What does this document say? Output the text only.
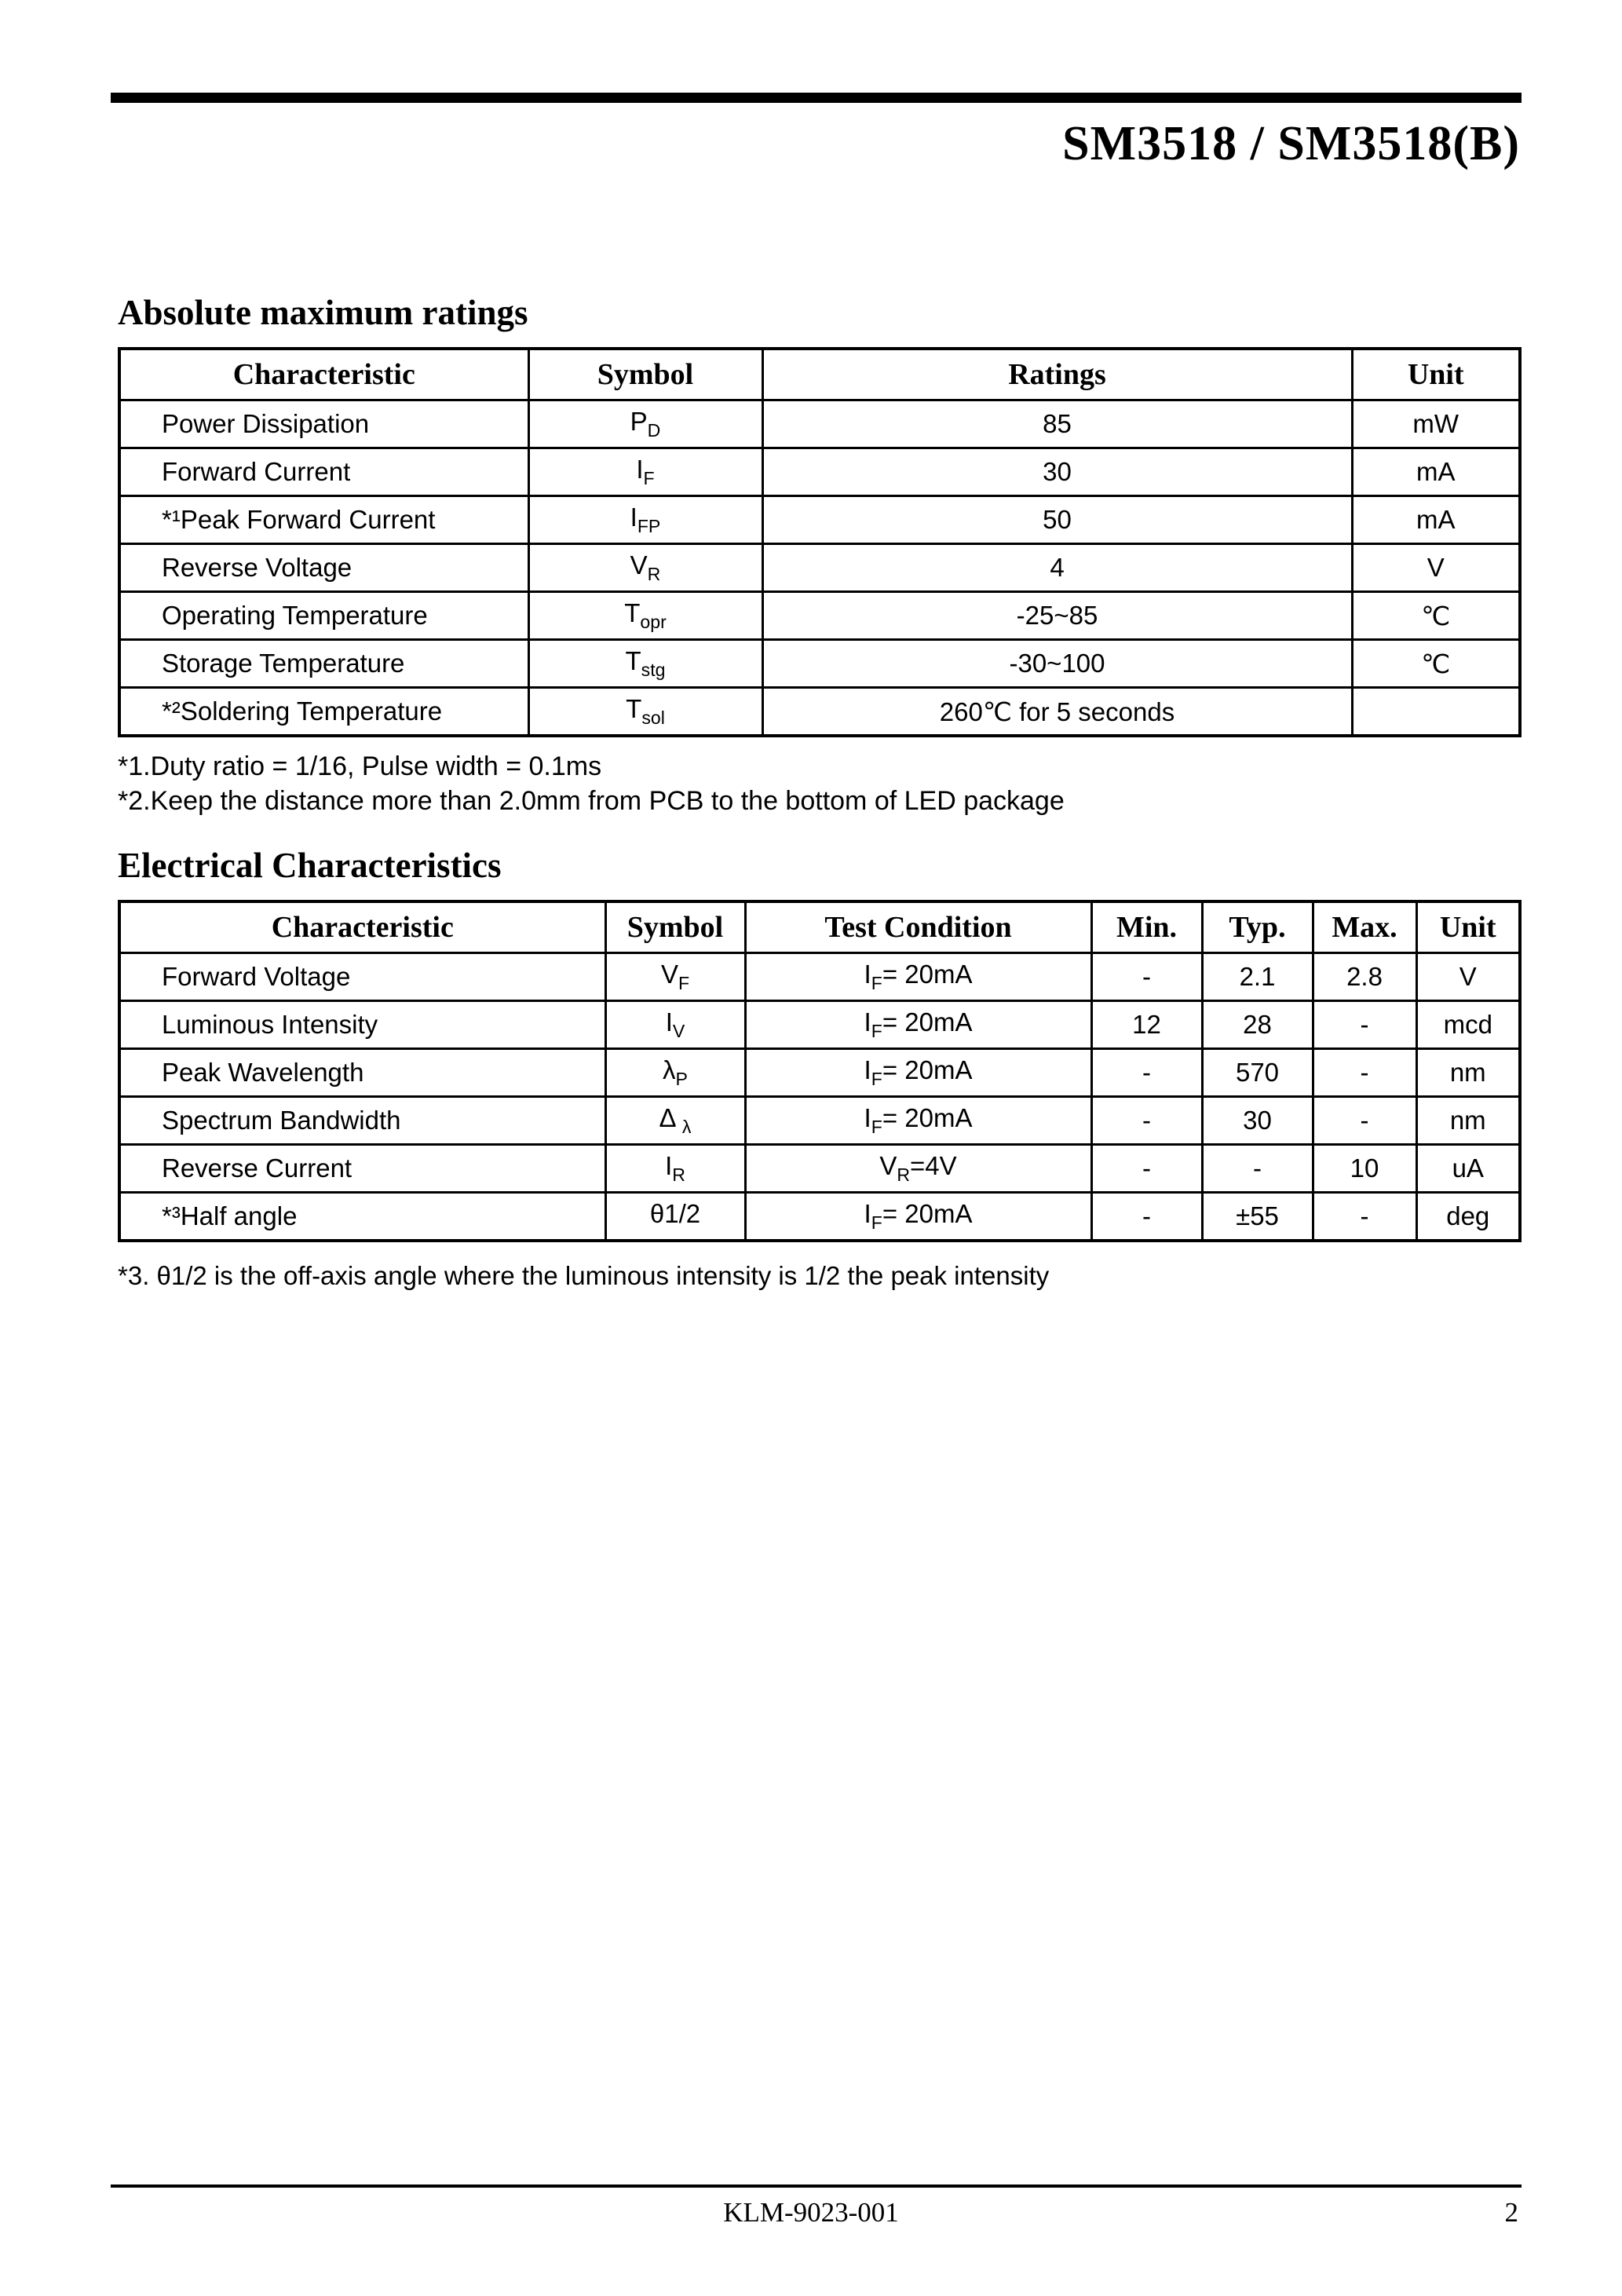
SM3518 / SM3518(B)
Absolute maximum ratings
Characteristic	Symbol	Ratings	Unit
Power Dissipation	$P_D$	85	mW
Forward Current	$I_F$	30	mA
*¹Peak Forward Current	$I_{FP}$	50	mA
Reverse Voltage	$V_R$	4	V
Operating Temperature	$T_{opr}$	-25~85	℃
Storage Temperature	$T_{stg}$	-30~100	℃
*²Soldering Temperature	$T_{sol}$	260℃ for 5 seconds	
*1.Duty ratio = 1/16, Pulse width = 0.1ms
*2.Keep the distance more than 2.0mm from PCB to the bottom of LED package
Electrical Characteristics
Characteristic	Symbol	Test Condition	Min.	Typ.	Max.	Unit
Forward Voltage	$V_F$	$I_F= 20mA$	-	2.1	2.8	V
Luminous Intensity	$I_V$	$I_F= 20mA$	12	28	-	mcd
Peak Wavelength	$\lambda_P$	$I_F= 20mA$	-	570	-	nm
Spectrum Bandwidth	Δ $_\lambda$	$I_F= 20mA$	-	30	-	nm
Reverse Current	$I_R$	$V_R=4V$	-	-	10	uA
*³Half angle	θ1/2	$I_F= 20mA$	-	±55	-	deg
*3. θ1/2 is the off-axis angle where the luminous intensity is 1/2 the peak intensity
KLM-9023-001	2
